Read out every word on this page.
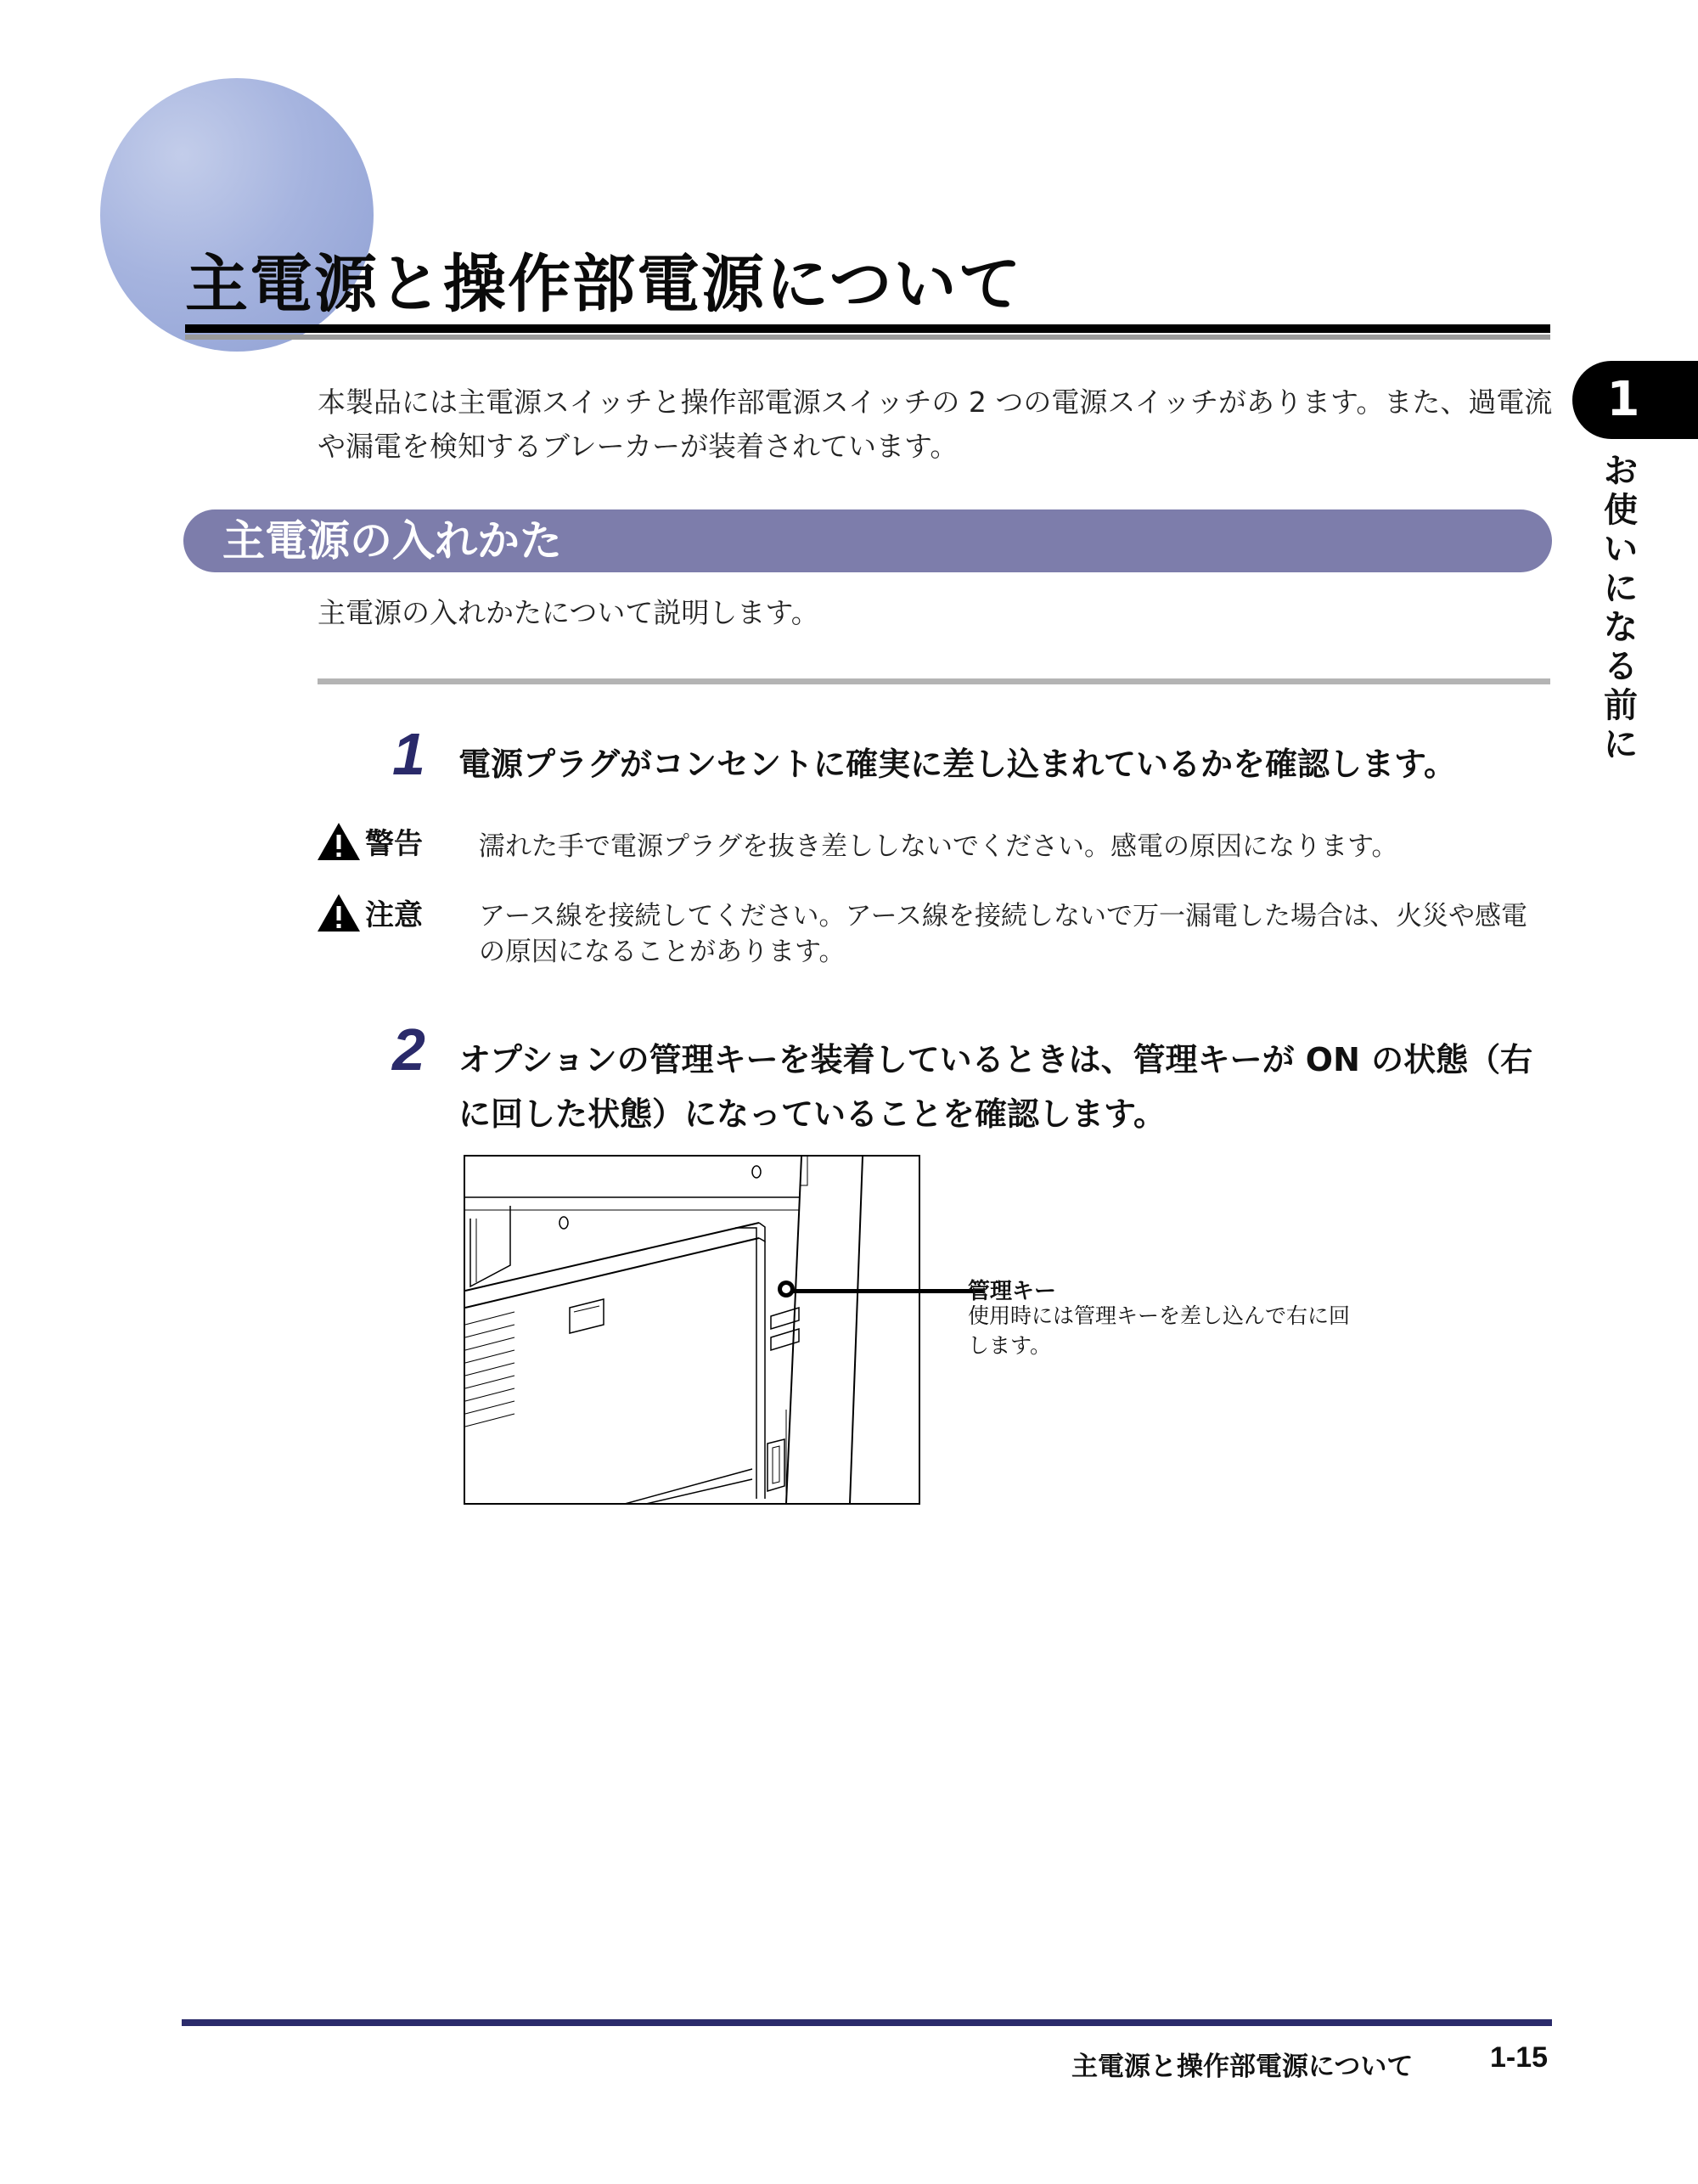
主電源と操作部電源について
本製品には主電源スイッチと操作部電源スイッチの 2 つの電源スイッチがあります。また、過電流や漏電を検知するブレーカーが装着されています。
1
お使いになる前に
主電源の入れかた
主電源の入れかたについて説明します。
1 電源プラグがコンセントに確実に差し込まれているかを確認します。
警告 濡れた手で電源プラグを抜き差ししないでください。感電の原因になります。
注意 アース線を接続してください。アース線を接続しないで万一漏電した場合は、火災や感電の原因になることがあります。
2 オプションの管理キーを装着しているときは、管理キーが ON の状態（右に回した状態）になっていることを確認します。
管理キー
使用時には管理キーを差し込んで右に回します。
主電源と操作部電源について	1-15
